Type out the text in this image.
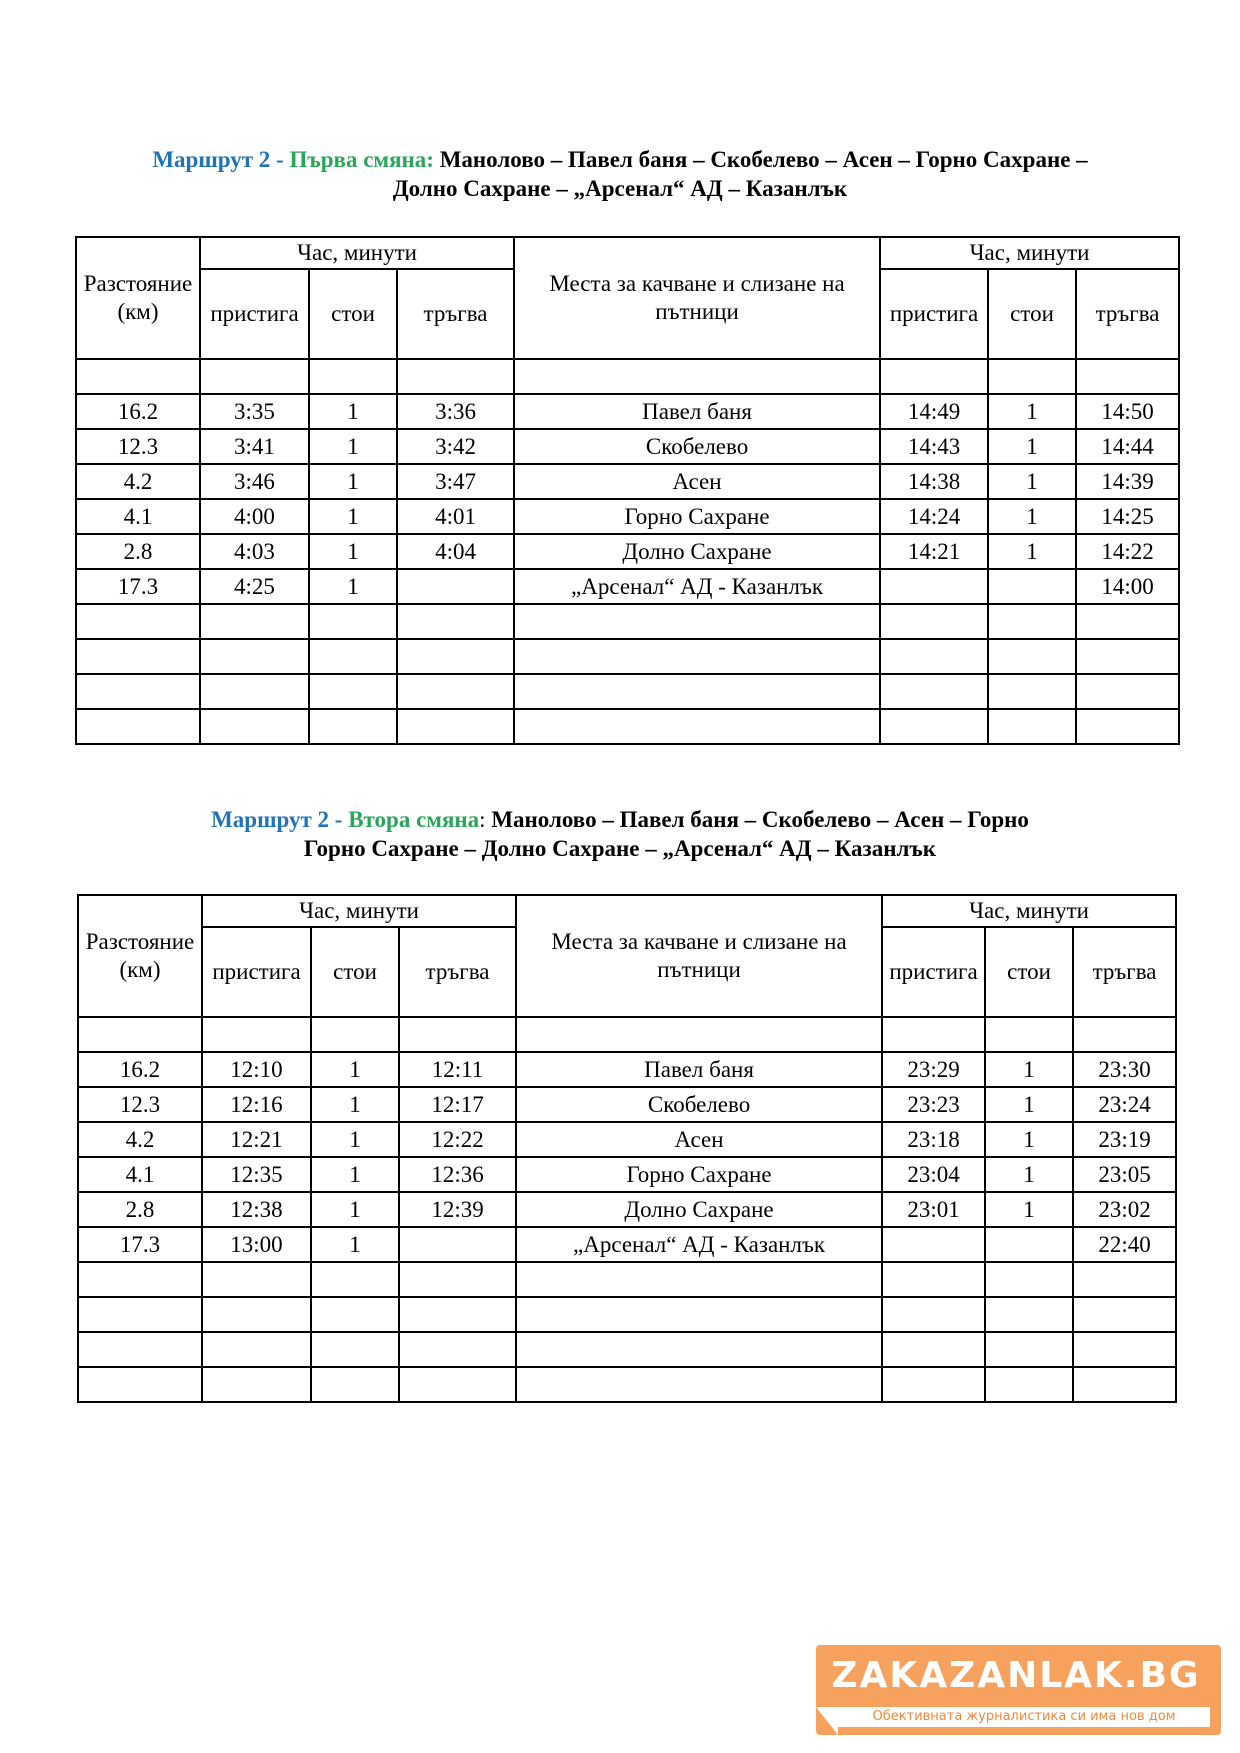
Маршрут 2 - Първа смяна: Манолово – Павел баня – Скобелево – Асен – Горно Сахране –
Долно Сахране – „Арсенал“ АД – Казанлък
Разстояние (км)	Час, минути			Места за качване и слизане на пътници	Час, минути		
	пристига	стои	тръгва		пристига	стои	тръгва

16.2	3:35	1	3:36	Павел баня	14:49	1	14:50
12.3	3:41	1	3:42	Скобелево	14:43	1	14:44
4.2	3:46	1	3:47	Асен	14:38	1	14:39
4.1	4:00	1	4:01	Горно Сахране	14:24	1	14:25
2.8	4:03	1	4:04	Долно Сахране	14:21	1	14:22
17.3	4:25	1		„Арсенал“ АД - Казанлък			14:00

Маршрут 2 - Втора смяна: Манолово – Павел баня – Скобелево – Асен – Горно
Горно Сахране – Долно Сахране – „Арсенал“ АД – Казанлък
Разстояние (км)	Час, минути			Места за качване и слизане на пътници	Час, минути		
	пристига	стои	тръгва		пристига	стои	тръгва

16.2	12:10	1	12:11	Павел баня	23:29	1	23:30
12.3	12:16	1	12:17	Скобелево	23:23	1	23:24
4.2	12:21	1	12:22	Асен	23:18	1	23:19
4.1	12:35	1	12:36	Горно Сахране	23:04	1	23:05
2.8	12:38	1	12:39	Долно Сахране	23:01	1	23:02
17.3	13:00	1		„Арсенал“ АД - Казанлък			22:40

ZAKAZANLAK.BG
Обективната журналистика си има нов дом
